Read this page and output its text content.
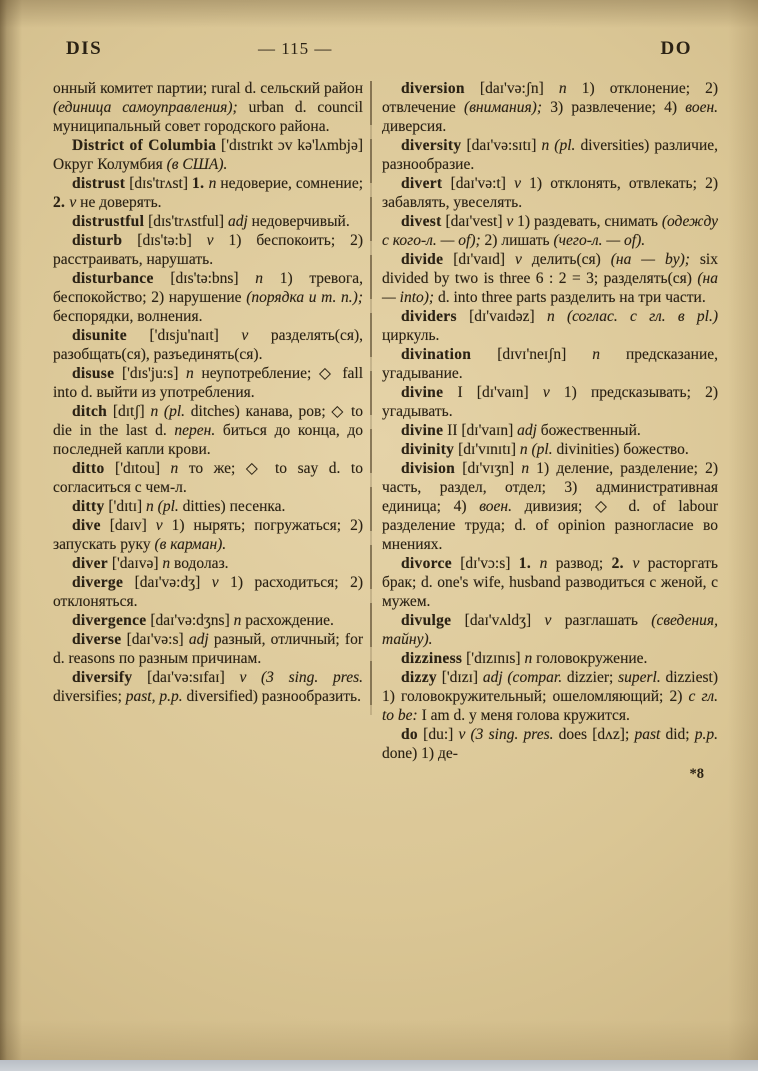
DIS	— 115 —	DO

онный комитет партии; rural d. сельский район (единица самоуправления); urban d. council муниципальный совет городского района.

District of Columbia ['dɪstrɪkt ɔv kə'lʌmbjə] Округ Колумбия (в США).

distrust [dɪs'trʌst] 1. n недоверие, сомнение; 2. v не доверять.

distrustful [dɪs'trʌstful] adj недоверчивый.

disturb [dɪs'tə:b] v 1) беспокоить; 2) расстраивать, нарушать.

disturbance [dɪs'tə:bns] n 1) тревога, беспокойство; 2) нарушение (порядка и т. п.); беспорядки, волнения.

disunite ['dɪsju'naɪt] v разделять(ся), разобщать(ся), разъединять(ся).

disuse ['dɪs'ju:s] n неупотребление; ◇ fall into d. выйти из употребления.

ditch [dɪtʃ] n (pl. ditches) канава, ров; ◇ to die in the last d. перен. биться до конца, до последней капли крови.

ditto ['dɪtou] n то же; ◇ to say d. to согласиться с чем-л.

ditty ['dɪtɪ] n (pl. ditties) песенка.

dive [daɪv] v 1) нырять; погружаться; 2) запускать руку (в карман).

diver ['daɪvə] n водолаз.

diverge [daɪ'və:dʒ] v 1) расходиться; 2) отклоняться.

divergence [daɪ'və:dʒns] n расхождение.

diverse [daɪ'və:s] adj разный, отличный; for d. reasons по разным причинам.

diversify [daɪ'və:sɪfaɪ] v (3 sing. pres. diversifies; past, p.p. diversified) разнообразить.

diversion [daɪ'və:ʃn] n 1) отклонение; 2) отвлечение (внимания); 3) развлечение; 4) воен. диверсия.

diversity [daɪ'və:sɪtɪ] n (pl. diversities) различие, разнообразие.

divert [daɪ'və:t] v 1) отклонять, отвлекать; 2) забавлять, увеселять.

divest [daɪ'vest] v 1) раздевать, снимать (одежду с кого-л. — of); 2) лишать (чего-л. — of).

divide [dɪ'vaɪd] v делить(ся) (на — by); six divided by two is three 6 : 2 = 3; разделять(ся) (на — into); d. into three parts разделить на три части.

dividers [dɪ'vaɪdəz] n (соглас. с гл. в pl.) циркуль.

divination [dɪvɪ'neɪʃn] n предсказание, угадывание.

divine I [dɪ'vaɪn] v 1) предсказывать; 2) угадывать.

divine II [dɪ'vaɪn] adj божественный.

divinity [dɪ'vɪnɪtɪ] n (pl. divinities) божество.

division [dɪ'vɪʒn] n 1) деление, разделение; 2) часть, раздел, отдел; 3) административная единица; 4) воен. дивизия; ◇ d. of labour разделение труда; d. of opinion разногласие во мнениях.

divorce [dɪ'vɔ:s] 1. n развод; 2. v расторгать брак; d. one's wife, husband разводиться с женой, с мужем.

divulge [daɪ'vʌldʒ] v разглашать (сведения, тайну).

dizziness ['dɪzɪnɪs] n головокружение.

dizzy ['dɪzɪ] adj (compar. dizzier; superl. dizziest) 1) головокружительный; ошеломляющий; 2) с гл. to be: I am d. у меня голова кружится.

do [du:] v (3 sing. pres. does [dʌz]; past did; p.p. done) 1) де-

*8
